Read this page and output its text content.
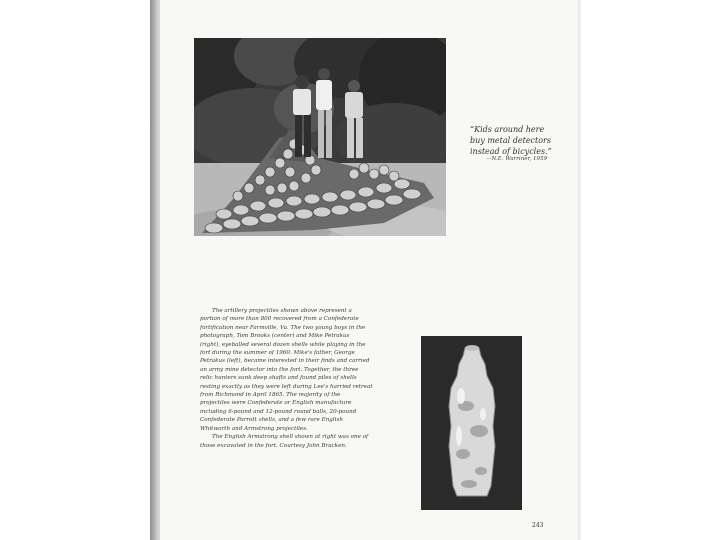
“Kids around here
buy metal detectors
instead of bicycles.”
—N.E. Warriner, 1959
The artillery projectiles shown above represent a
portion of more than 800 recovered from a Confederate
fortification near Farmville, Va. The two young boys in the
photograph, Tom Brooks (center) and Mike Petrakus
(right), eyeballed several dozen shells while playing in the
fort during the summer of 1960. Mike's father, George
Petrakus (left), became interested in their finds and carried
an army mine detector into the fort. Together, the three
relic hunters sunk deep shafts and found piles of shells
resting exactly as they were left during Lee's harried retreat
from Richmond in April 1865. The majority of the
projectiles were Confederate or English manufacture
including 6-pound and 12-pound round balls, 20-pound
Confederate Parrott shells, and a few rare English
Whitworth and Armstrong projectiles.
The English Armstrong shell shown at right was one of
those excavated in the fort. Courtesy John Bracken.
243
